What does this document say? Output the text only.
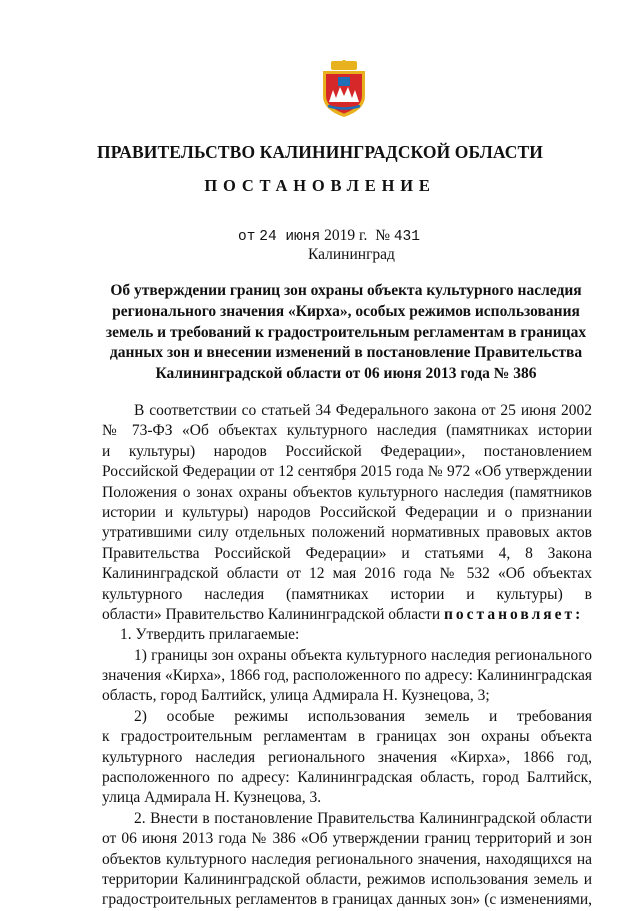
ПРАВИТЕЛЬСТВО КАЛИНИНГРАДСКОЙ ОБЛАСТИ
ПОСТАНОВЛЕНИЕ
от 24 июня 2019 г. № 431
Калининград
Об утверждении границ зон охраны объекта культурного наследия регионального значения «Кирха», особых режимов использования земель и требований к градостроительным регламентам в границах данных зон и внесении изменений в постановление Правительства Калининградской области от 06 июня 2013 года № 386
В соответствии со статьей 34 Федерального закона от 25 июня 2002
№ 73-ФЗ «Об объектах культурного наследия (памятниках истории
и культуры) народов Российской Федерации», постановлением
Российской Федерации от 12 сентября 2015 года № 972 «Об утверждении
Положения о зонах охраны объектов культурного наследия (памятников
истории и культуры) народов Российской Федерации и о признании
утратившими силу отдельных положений нормативных правовых актов
Правительства Российской Федерации» и статьями 4, 8 Закона
Калининградской области от 12 мая 2016 года № 532 «Об объектах
культурного наследия (памятниках истории и культуры) в
области» Правительство Калининградской области постановляет:
1. Утвердить прилагаемые:
1) границы зон охраны объекта культурного наследия регионального
значения «Кирха», 1866 год, расположенного по адресу: Калининградская
область, город Балтийск, улица Адмирала Н. Кузнецова, 3;
2) особые режимы использования земель и требования
к градостроительным регламентам в границах зон охраны объекта
культурного наследия регионального значения «Кирха», 1866 год,
расположенного по адресу: Калининградская область, город Балтийск,
улица Адмирала Н. Кузнецова, 3.
2. Внести в постановление Правительства Калининградской области
от 06 июня 2013 года № 386 «Об утверждении границ территорий и зон
объектов культурного наследия регионального значения, находящихся на
территории Калининградской области, режимов использования земель и
градостроительных регламентов в границах данных зон» (с изменениями,
